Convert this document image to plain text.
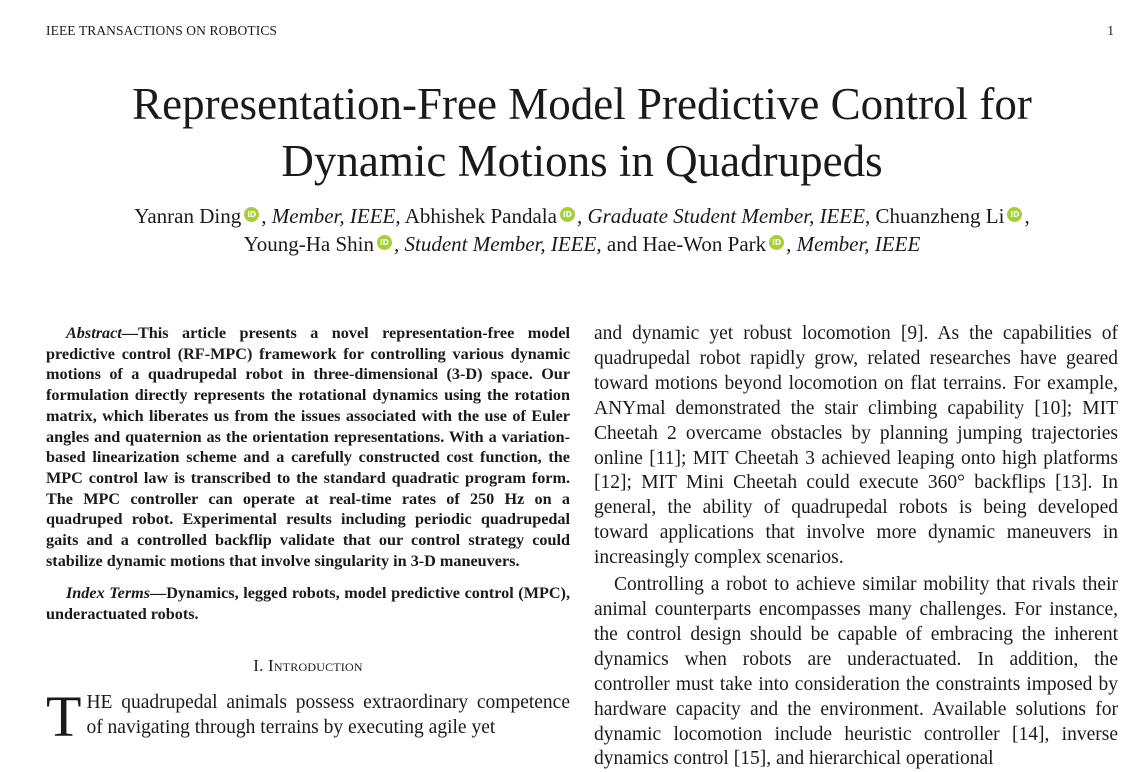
IEEE TRANSACTIONS ON ROBOTICS	1
Representation-Free Model Predictive Control for
Dynamic Motions in Quadrupeds
Yanran Ding iD , Member, IEEE, Abhishek Pandala iD , Graduate Student Member, IEEE, Chuanzheng Li iD ,
Young-Ha Shin iD , Student Member, IEEE, and Hae-Won Park iD , Member, IEEE

Abstract—This article presents a novel representation-free model predictive control (RF-MPC) framework for controlling various dynamic motions of a quadrupedal robot in three-dimensional (3-D) space. Our formulation directly represents the rotational dynamics using the rotation matrix, which liberates us from the issues associated with the use of Euler angles and quaternion as the orientation representations. With a variation-based linearization scheme and a carefully constructed cost function, the MPC control law is transcribed to the standard quadratic program form. The MPC controller can operate at real-time rates of 250 Hz on a quadruped robot. Experimental results including periodic quadrupedal gaits and a controlled backflip validate that our control strategy could stabilize dynamic motions that involve singularity in 3-D maneuvers.

Index Terms—Dynamics, legged robots, model predictive control (MPC), underactuated robots.

I. Introduction

THE quadrupedal animals possess extraordinary competence of navigating through terrains by executing agile yet

and dynamic yet robust locomotion [9]. As the capabilities of quadrupedal robot rapidly grow, related researches have geared toward motions beyond locomotion on flat terrains. For example, ANYmal demonstrated the stair climbing capability [10]; MIT Cheetah 2 overcame obstacles by planning jumping trajectories online [11]; MIT Cheetah 3 achieved leaping onto high platforms [12]; MIT Mini Cheetah could execute 360° backflips [13]. In general, the ability of quadrupedal robots is being developed toward applications that involve more dynamic maneuvers in increasingly complex scenarios.

Controlling a robot to achieve similar mobility that rivals their animal counterparts encompasses many challenges. For instance, the control design should be capable of embracing the inherent dynamics when robots are underactuated. In addition, the controller must take into consideration the constraints imposed by hardware capacity and the environment. Available solutions for dynamic locomotion include heuristic controller [14], inverse dynamics control [15], and hierarchical operational
